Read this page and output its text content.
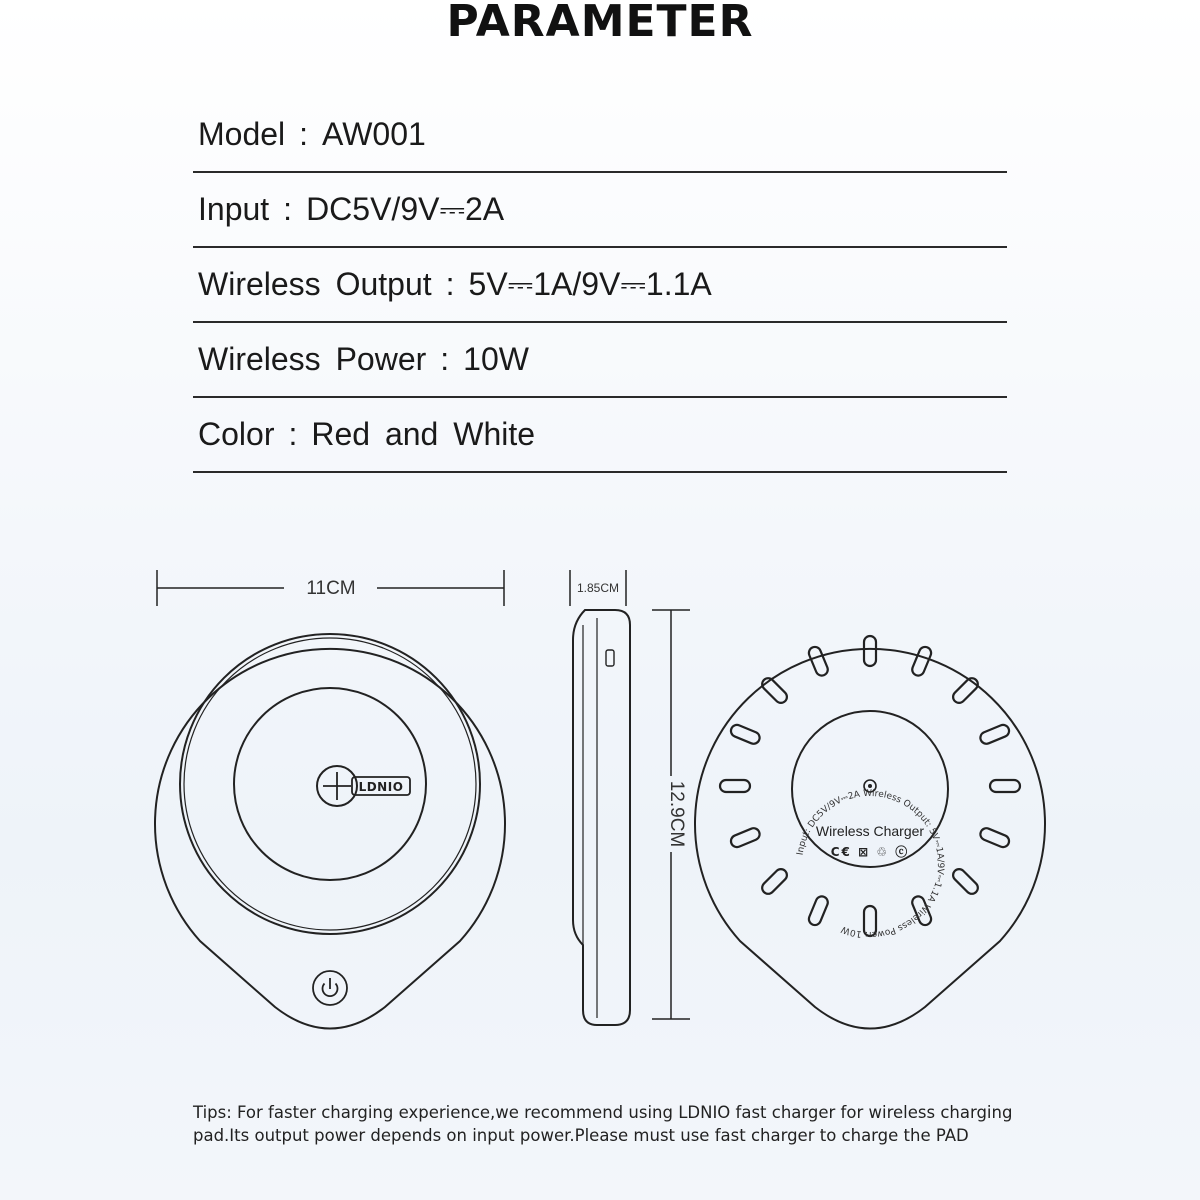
PARAMETER
Model : AW001
Input : DC5V/9V⎓2A
Wireless Output : 5V⎓1A/9V⎓1.1A
Wireless Power : 10W
Color : Red and White
11CM	1.85CM
12.9CM
LDNIO
Input: DC5V/9V⎓2A Wireless Output: 5V⎓1A/9V⎓1.1A Wireless Power: 10W
Wireless Charger
C€ ⊠ ♲ ⓒ
Tips: For faster charging experience,we recommend using LDNIO fast charger for wireless charging pad.Its output power depends on input power.Please must use fast charger to charge the PAD
